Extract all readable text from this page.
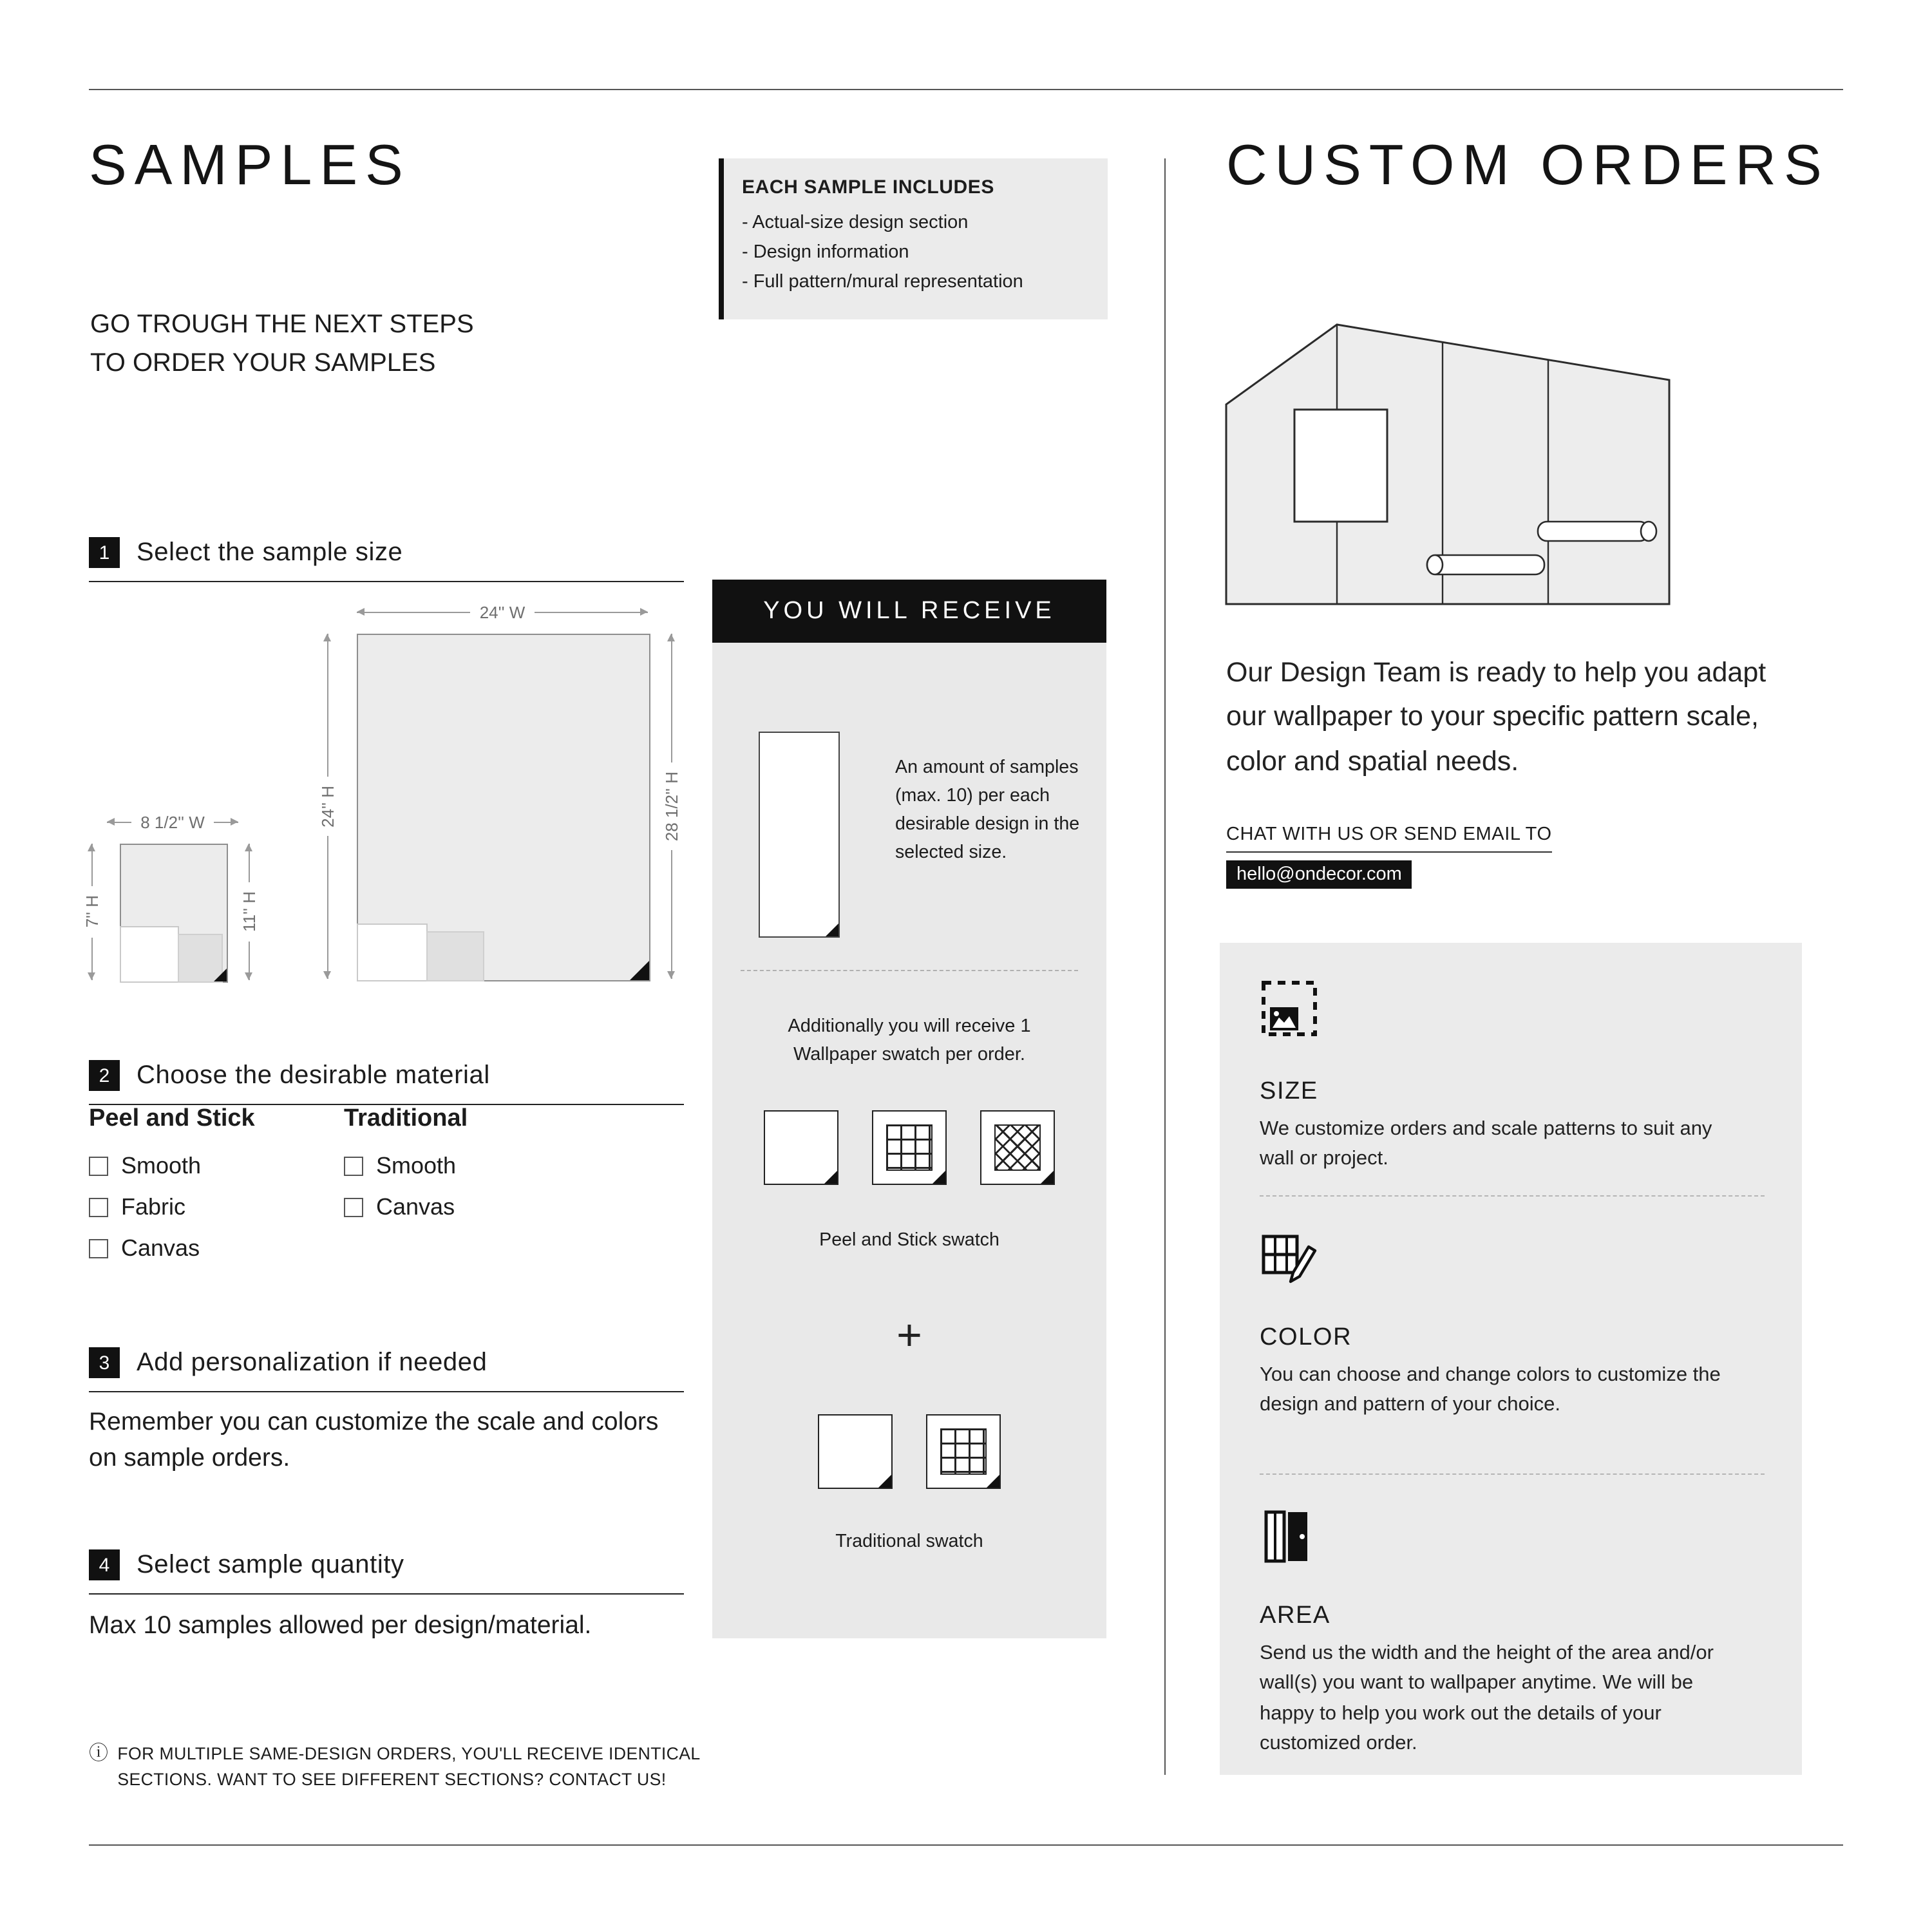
SAMPLES
GO TROUGH THE NEXT STEPS
TO ORDER YOUR SAMPLES
EACH SAMPLE INCLUDES
- Actual-size design section
- Design information
- Full pattern/mural representation
1	Select the sample size
24'' W
24'' H	28 1/2'' H
8 1/2'' W
7'' H	11'' H
2	Choose the desirable material
Peel and Stick
Smooth
Fabric
Canvas
Traditional
Smooth
Canvas
3	Add personalization if needed
Remember you can customize the scale and colors on sample orders.
4	Select sample quantity
Max 10 samples allowed per design/material.
ⓘ FOR MULTIPLE SAME-DESIGN ORDERS, YOU'LL RECEIVE IDENTICAL SECTIONS. WANT TO SEE DIFFERENT SECTIONS? CONTACT US!
YOU WILL RECEIVE
An amount of samples (max. 10) per each desirable design in the selected size.
Additionally you will receive 1 Wallpaper swatch per order.
Peel and Stick swatch
+
Traditional swatch
CUSTOM ORDERS
Our Design Team is ready to help you adapt our wallpaper to your specific pattern scale, color and spatial needs.
CHAT WITH US OR SEND EMAIL TO
hello@ondecor.com
SIZE
We customize orders and scale patterns to suit any wall or project.
COLOR
You can choose and change colors to customize the design and pattern of your choice.
AREA
Send us the width and the height of the area and/or wall(s) you want to wallpaper anytime. We will be happy to help you work out the details of your customized order.
